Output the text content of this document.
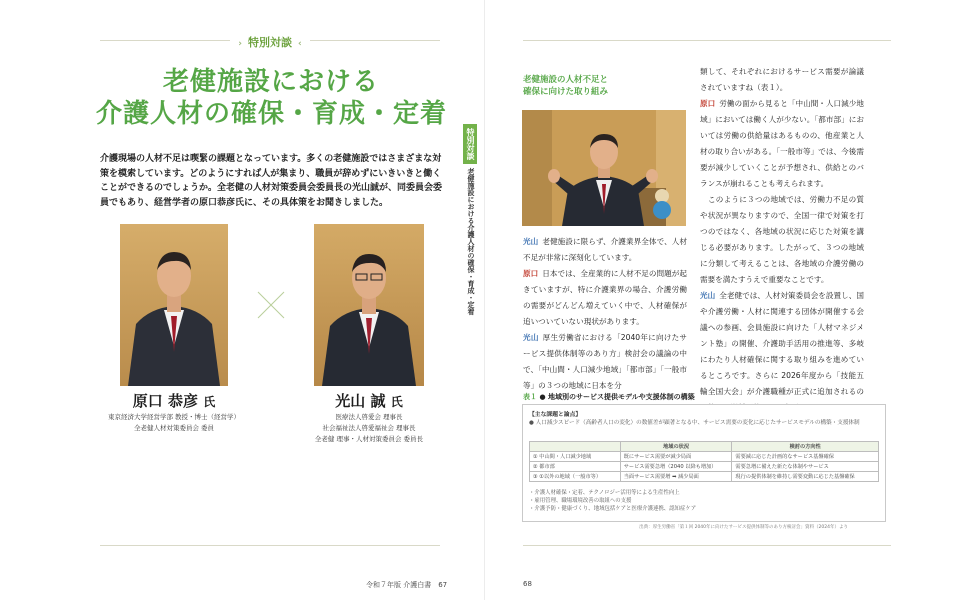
› 特別対談 ‹
老健施設における
介護人材の確保・育成・定着
介護現場の人材不足は喫緊の課題となっています。多くの老健施設ではさまざまな対策を模索しています。どのようにすれば人が集まり、職員が辞めずにいきいきと働くことができるのでしょうか。全老健の人材対策委員会委員長の光山誠が、同委員会委員でもあり、経営学者の原口恭彦氏に、その具体策をお聞きしました。
原口 恭彦 氏
東京経済大学経営学部 教授・博士（経営学）
全老健人材対策委員会 委員
光山 誠 氏
医療法人啓愛会 理事長
社会福祉法人啓愛福祉会 理事長
全老健 理事・人材対策委員会 委員長
特別対談
老健施設における介護人材の確保・育成・定着
令和７年版 介護白書　67	68
老健施設の人材不足と
確保に向けた取り組み

光山 老健施設に限らず、介護業界全体で、人材不足が非常に深刻化しています。

原口 日本では、全産業的に人材不足の問題が起きていますが、特に介護業界の場合、介護労働の需要がどんどん増えていく中で、人材確保が追いついていない現状があります。

光山 厚生労働省における「2040年に向けたサービス提供体制等のあり方」検討会の議論の中で、「中山間・人口減少地域」「都市部」「一般市等」の３つの地域に日本を分

類して、それぞれにおけるサービス需要が論議されていますね（表１）。

原口 労働の面から見ると「中山間・人口減少地域」においては働く人が少ない。「都市部」においては労働の供給量はあるものの、他産業と人材の取り合いがある。「一般市等」では、今後需要が減少していくことが予想され、供給とのバランスが崩れることも考えられます。

このように３つの地域では、労働力不足の質や状況が異なりますので、全国一律で対策を打つのではなく、各地域の状況に応じた対策を講じる必要があります。したがって、３つの地域に分類して考えることは、各地域の介護労働の需要を満たすうえで重要なことです。

光山 全老健では、人材対策委員会を設置し、国や介護労働・人材に関連する団体が開催する会議への参画、会員施設に向けた「人材マネジメント塾」の開催、介護助手活用の推進等、多岐にわたり人材確保に関する取り組みを進めているところです。さらに 2026年度から「技能五輪全国大会」が介護職種が正式に追加されるの

表１ ● 地域別のサービス提供モデルや支援体制の構築
【主な課題と論点】
● 人口減少スピード（高齢者人口の変化）の数値差が顕著となる中、サービス需要の変化に応じたサービスモデルの構築・支援体制
	地域の状況	検討の方向性
① 中山間・人口減少地域	既にサービス需要が減少局面	需要減に応じた計画的なサービス基盤確保
② 都市部	サービス需要急増（2040 以降も増加）	需要急増に備えた新たな体制やサービス
③ ①以外の地域（一般市等）	当面サービス需要増 ➡ 減少局面	現行の提供体制を維持し需要変動に応じた基盤確保
・介護人材確保・定着、テクノロジー活用等による生産性向上
・雇用管理、職場環境改善の取組への支援
・介護予防・健康づくり、地域包括ケアと医療介護連携、認知症ケア
出典：厚生労働省「第１回 2040年に向けたサービス提供体制等のあり方検討会」資料（2024年）より
